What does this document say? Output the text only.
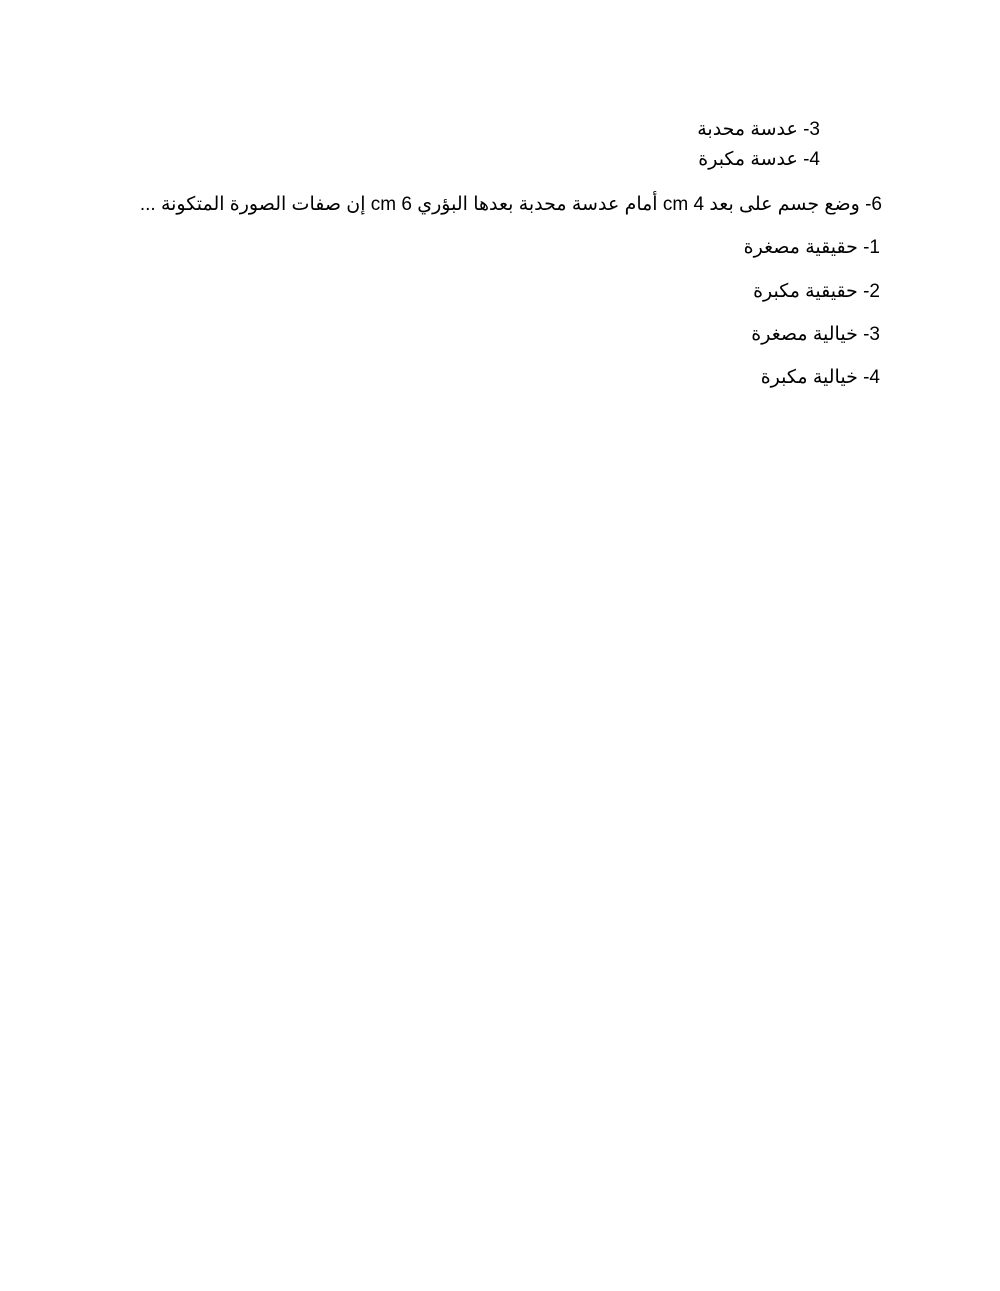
3- عدسة محدبة
4- عدسة مكبرة
6- وضع جسم على بعد 4 cm أمام عدسة محدبة بعدها البؤري 6 cm إن صفات الصورة المتكونة ...
1- حقيقية مصغرة
2- حقيقية مكبرة
3- خيالية مصغرة
4- خيالية مكبرة
